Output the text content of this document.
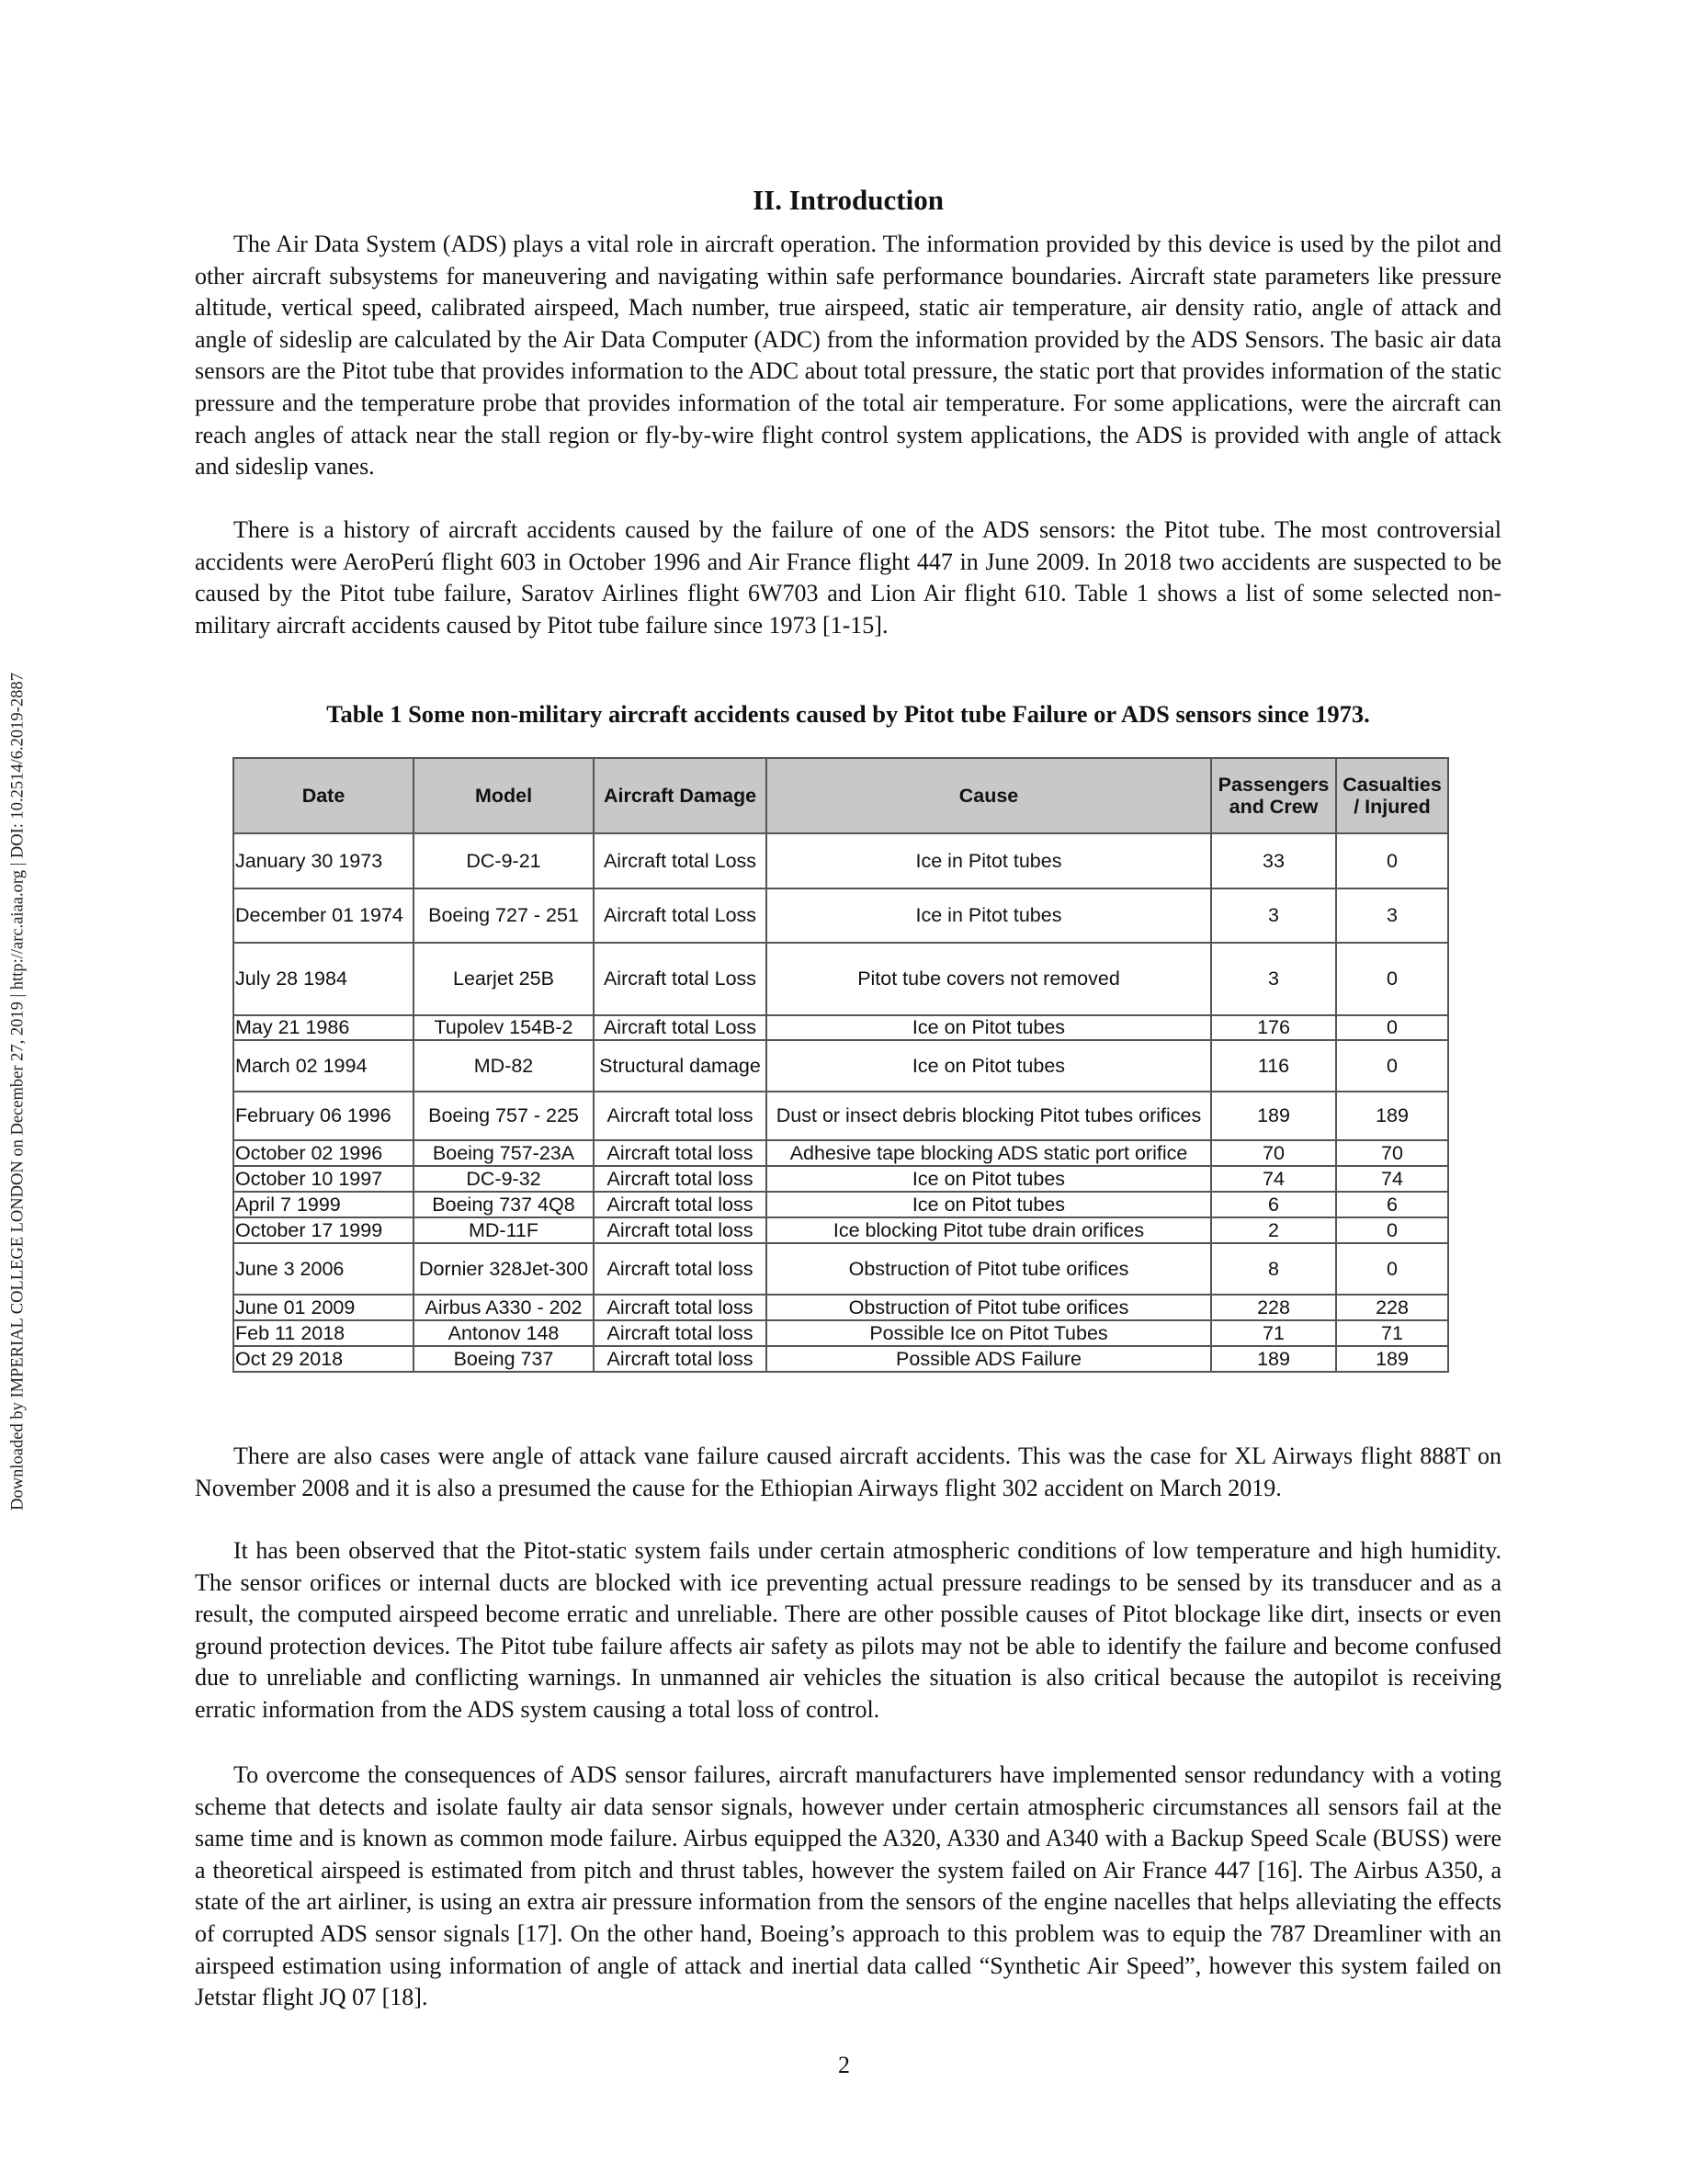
Downloaded by IMPERIAL COLLEGE LONDON on December 27, 2019 | http://arc.aiaa.org | DOI: 10.2514/6.2019-2887
II. Introduction

The Air Data System (ADS) plays a vital role in aircraft operation. The information provided by this device is used by the pilot and other aircraft subsystems for maneuvering and navigating within safe performance boundaries. Aircraft state parameters like pressure altitude, vertical speed, calibrated airspeed, Mach number, true airspeed, static air temperature, air density ratio, angle of attack and angle of sideslip are calculated by the Air Data Computer (ADC) from the information provided by the ADS Sensors. The basic air data sensors are the Pitot tube that provides information to the ADC about total pressure, the static port that provides information of the static pressure and the temperature probe that provides information of the total air temperature. For some applications, were the aircraft can reach angles of attack near the stall region or fly-by-wire flight control system applications, the ADS is provided with angle of attack and sideslip vanes.

There is a history of aircraft accidents caused by the failure of one of the ADS sensors: the Pitot tube. The most controversial accidents were AeroPerú flight 603 in October 1996 and Air France flight 447 in June 2009. In 2018 two accidents are suspected to be caused by the Pitot tube failure, Saratov Airlines flight 6W703 and Lion Air flight 610. Table 1 shows a list of some selected non-military aircraft accidents caused by Pitot tube failure since 1973 [1-15].

Table 1 Some non-military aircraft accidents caused by Pitot tube Failure or ADS sensors since 1973.
Date	Model	Aircraft Damage	Cause	Passengers and Crew	Casualties / Injured
January 30 1973	DC-9-21	Aircraft total Loss	Ice in Pitot tubes	33	0
December 01 1974	Boeing 727 - 251	Aircraft total Loss	Ice in Pitot tubes	3	3
July 28 1984	Learjet 25B	Aircraft total Loss	Pitot tube covers not removed	3	0
May 21 1986	Tupolev 154B-2	Aircraft total Loss	Ice on Pitot tubes	176	0
March 02 1994	MD-82	Structural damage	Ice on Pitot tubes	116	0
February 06 1996	Boeing 757 - 225	Aircraft total loss	Dust or insect debris blocking Pitot tubes orifices	189	189
October 02 1996	Boeing 757-23A	Aircraft total loss	Adhesive tape blocking ADS static port orifice	70	70
October 10 1997	DC-9-32	Aircraft total loss	Ice on Pitot tubes	74	74
April 7 1999	Boeing 737 4Q8	Aircraft total loss	Ice on Pitot tubes	6	6
October 17 1999	MD-11F	Aircraft total loss	Ice blocking Pitot tube drain orifices	2	0
June 3 2006	Dornier 328Jet-300	Aircraft total loss	Obstruction of Pitot tube orifices	8	0
June 01 2009	Airbus A330 - 202	Aircraft total loss	Obstruction of Pitot tube orifices	228	228
Feb 11 2018	Antonov 148	Aircraft total loss	Possible Ice on Pitot Tubes	71	71
Oct 29 2018	Boeing 737	Aircraft total loss	Possible ADS Failure	189	189

There are also cases were angle of attack vane failure caused aircraft accidents. This was the case for XL Airways flight 888T on November 2008 and it is also a presumed the cause for the Ethiopian Airways flight 302 accident on March 2019.

It has been observed that the Pitot-static system fails under certain atmospheric conditions of low temperature and high humidity. The sensor orifices or internal ducts are blocked with ice preventing actual pressure readings to be sensed by its transducer and as a result, the computed airspeed become erratic and unreliable. There are other possible causes of Pitot blockage like dirt, insects or even ground protection devices. The Pitot tube failure affects air safety as pilots may not be able to identify the failure and become confused due to unreliable and conflicting warnings. In unmanned air vehicles the situation is also critical because the autopilot is receiving erratic information from the ADS system causing a total loss of control.

To overcome the consequences of ADS sensor failures, aircraft manufacturers have implemented sensor redundancy with a voting scheme that detects and isolate faulty air data sensor signals, however under certain atmospheric circumstances all sensors fail at the same time and is known as common mode failure. Airbus equipped the A320, A330 and A340 with a Backup Speed Scale (BUSS) were a theoretical airspeed is estimated from pitch and thrust tables, however the system failed on Air France 447 [16]. The Airbus A350, a state of the art airliner, is using an extra air pressure information from the sensors of the engine nacelles that helps alleviating the effects of corrupted ADS sensor signals [17]. On the other hand, Boeing’s approach to this problem was to equip the 787 Dreamliner with an airspeed estimation using information of angle of attack and inertial data called “Synthetic Air Speed”, however this system failed on Jetstar flight JQ 07 [18].

2
